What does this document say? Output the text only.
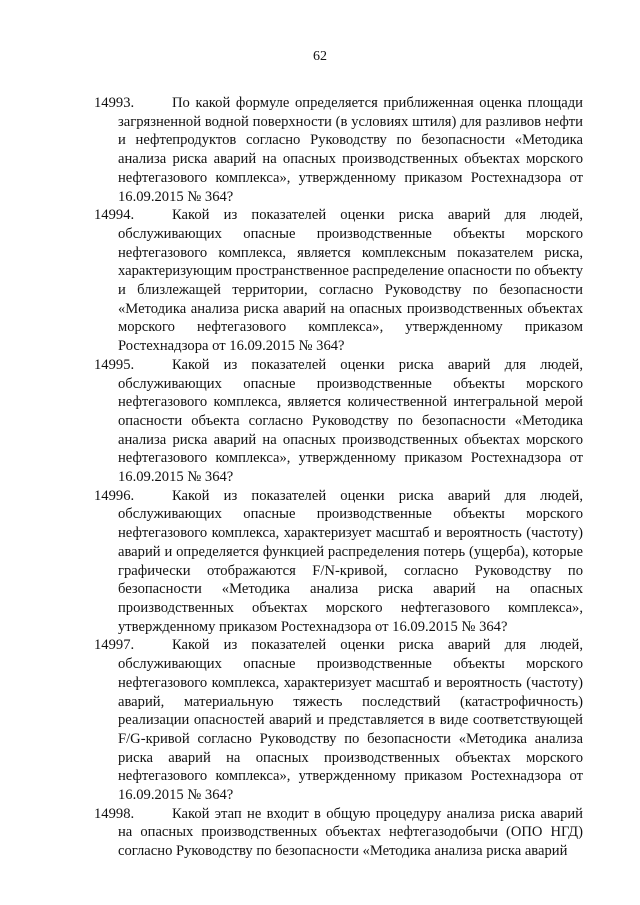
62

14993.	По какой формуле определяется приближенная оценка площади загрязненной водной поверхности (в условиях штиля) для разливов нефти и нефтепродуктов согласно Руководству по безопасности «Методика анализа риска аварий на опасных производственных объектах морского нефтегазового комплекса», утвержденному приказом Ростехнадзора от 16.09.2015 № 364?

14994.	Какой из показателей оценки риска аварий для людей, обслуживающих опасные производственные объекты морского нефтегазового комплекса, является комплексным показателем риска, характеризующим пространственное распределение опасности по объекту и близлежащей территории, согласно Руководству по безопасности «Методика анализа риска аварий на опасных производственных объектах морского нефтегазового комплекса», утвержденному приказом Ростехнадзора от 16.09.2015 № 364?

14995.	Какой из показателей оценки риска аварий для людей, обслуживающих опасные производственные объекты морского нефтегазового комплекса, является количественной интегральной мерой опасности объекта согласно Руководству по безопасности «Методика анализа риска аварий на опасных производственных объектах морского нефтегазового комплекса», утвержденному приказом Ростехнадзора от 16.09.2015 № 364?

14996.	Какой из показателей оценки риска аварий для людей, обслуживающих опасные производственные объекты морского нефтегазового комплекса, характеризует масштаб и вероятность (частоту) аварий и определяется функцией распределения потерь (ущерба), которые графически отображаются F/N-кривой, согласно Руководству по безопасности «Методика анализа риска аварий на опасных производственных объектах морского нефтегазового комплекса», утвержденному приказом Ростехнадзора от 16.09.2015 № 364?

14997.	Какой из показателей оценки риска аварий для людей, обслуживающих опасные производственные объекты морского нефтегазового комплекса, характеризует масштаб и вероятность (частоту) аварий, материальную тяжесть последствий (катастрофичность) реализации опасностей аварий и представляется в виде соответствующей F/G-кривой согласно Руководству по безопасности «Методика анализа риска аварий на опасных производственных объектах морского нефтегазового комплекса», утвержденному приказом Ростехнадзора от 16.09.2015 № 364?

14998.	Какой этап не входит в общую процедуру анализа риска аварий на опасных производственных объектах нефтегазодобычи (ОПО НГД) согласно Руководству по безопасности «Методика анализа риска аварий
